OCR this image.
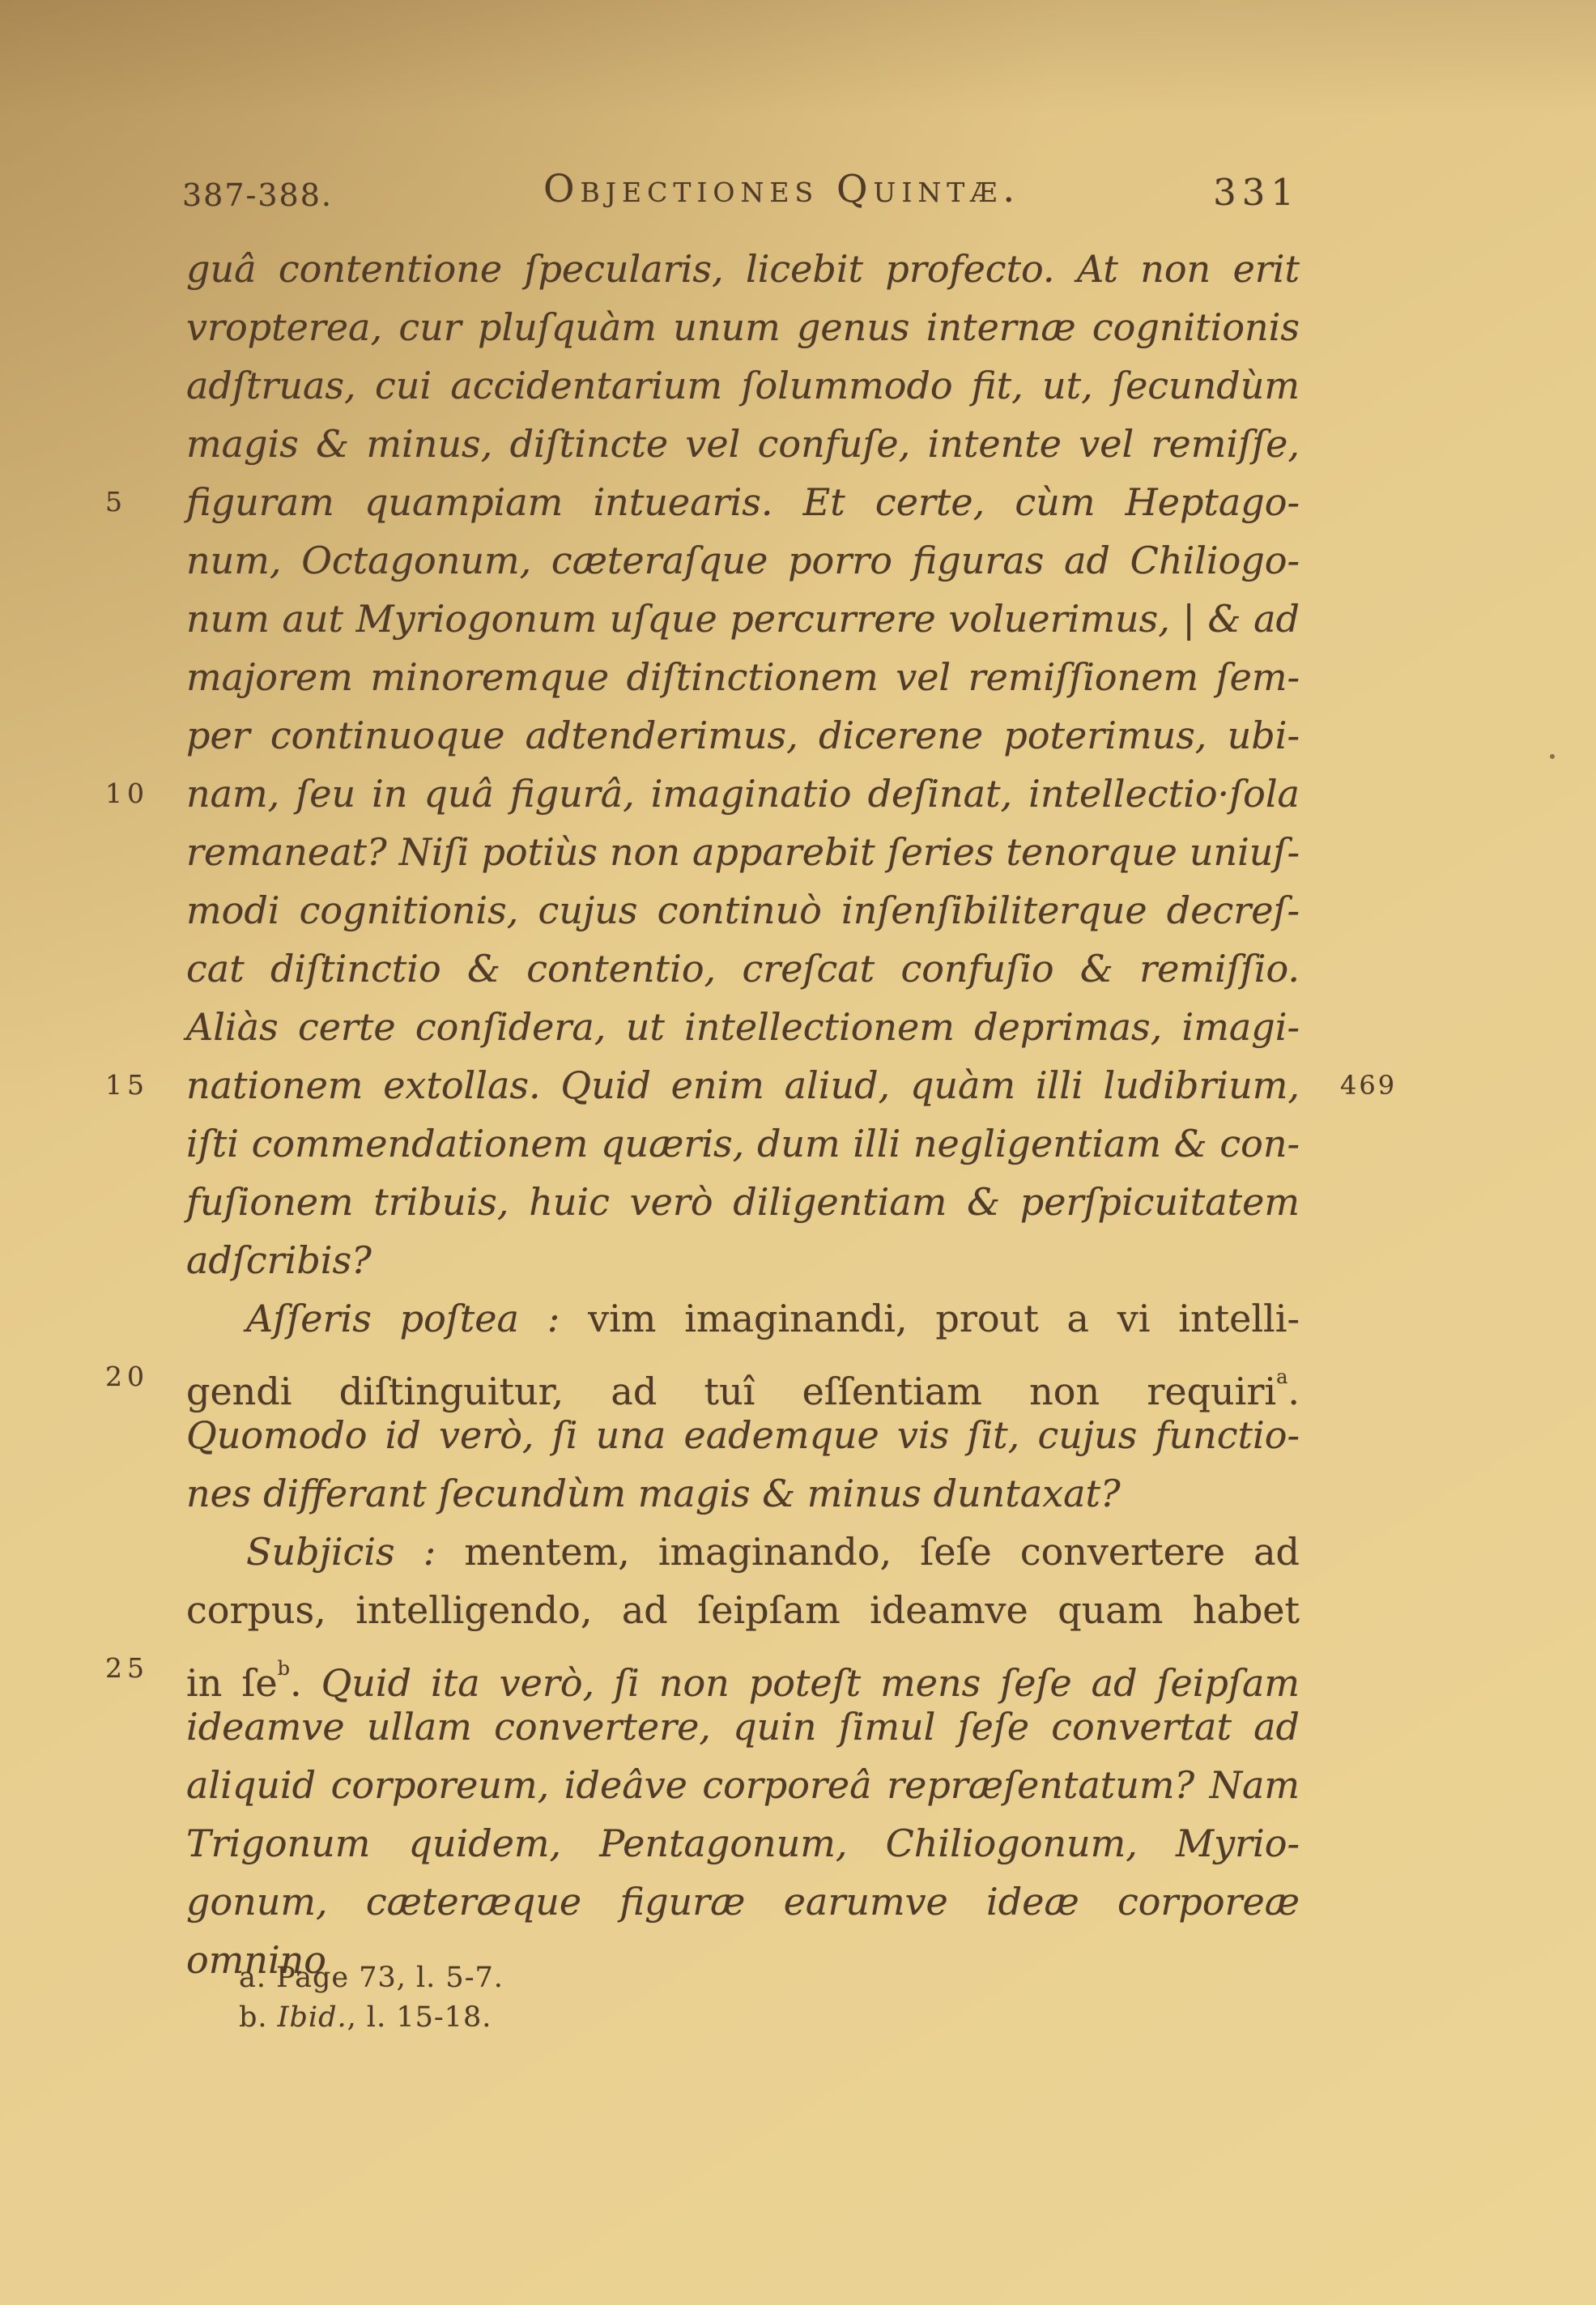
387-388.	Objectiones Quintæ.	331
guâ contentione ſpecularis, licebit profecto. At non erit
vropterea, cur pluſquàm unum genus internæ cognitionis
adſtruas, cui accidentarium ſolummodo fit, ut, ſecundùm
magis & minus, diſtincte vel confuſe, intente vel remiſſe,
5	figuram quampiam intuearis. Et certe, cùm Heptago-
num, Octagonum, cæteraſque porro figuras ad Chiliogo-
num aut Myriogonum uſque percurrere voluerimus, | & ad
majorem minoremque diſtinctionem vel remiſſionem ſem-
per continuoque adtenderimus, dicerene poterimus, ubi-
10	nam, ſeu in quâ figurâ, imaginatio deſinat, intellectio·ſola
remaneat? Niſi potiùs non apparebit ſeries tenorque uniuſ-
modi cognitionis, cujus continuò inſenſibiliterque decreſ-
cat diſtinctio & contentio, creſcat confuſio & remiſſio.
Aliàs certe conſidera, ut intellectionem deprimas, imagi-
15	469
nationem extollas. Quid enim aliud, quàm illi ludibrium,
iſti commendationem quæris, dum illi negligentiam & con-
fuſionem tribuis, huic verò diligentiam & perſpicuitatem
adſcribis?
Aſſeris poſtea : vim imaginandi, prout a vi intelli-
20	gendi diſtinguitur, ad tuî eſſentiam non requiri$^a$.
Quomodo id verò, ſi una eademque vis ſit, cujus functio-
nes differant ſecundùm magis & minus duntaxat?
Subjicis : mentem, imaginando, ſeſe convertere ad
corpus, intelligendo, ad ſeipſam ideamve quam habet
25	in $ſe^b$. Quid ita verò, ſi non poteſt mens ſeſe ad ſeipſam
ideamve ullam convertere, quin ſimul ſeſe convertat ad
aliquid corporeum, ideâve corporeâ repræſentatum? Nam
Trigonum quidem, Pentagonum, Chiliogonum, Myrio-
gonum, cæteræque figuræ earumve ideæ corporeæ omnino
a. Page 73, l. 5-7.
b. Ibid., l. 15-18.
